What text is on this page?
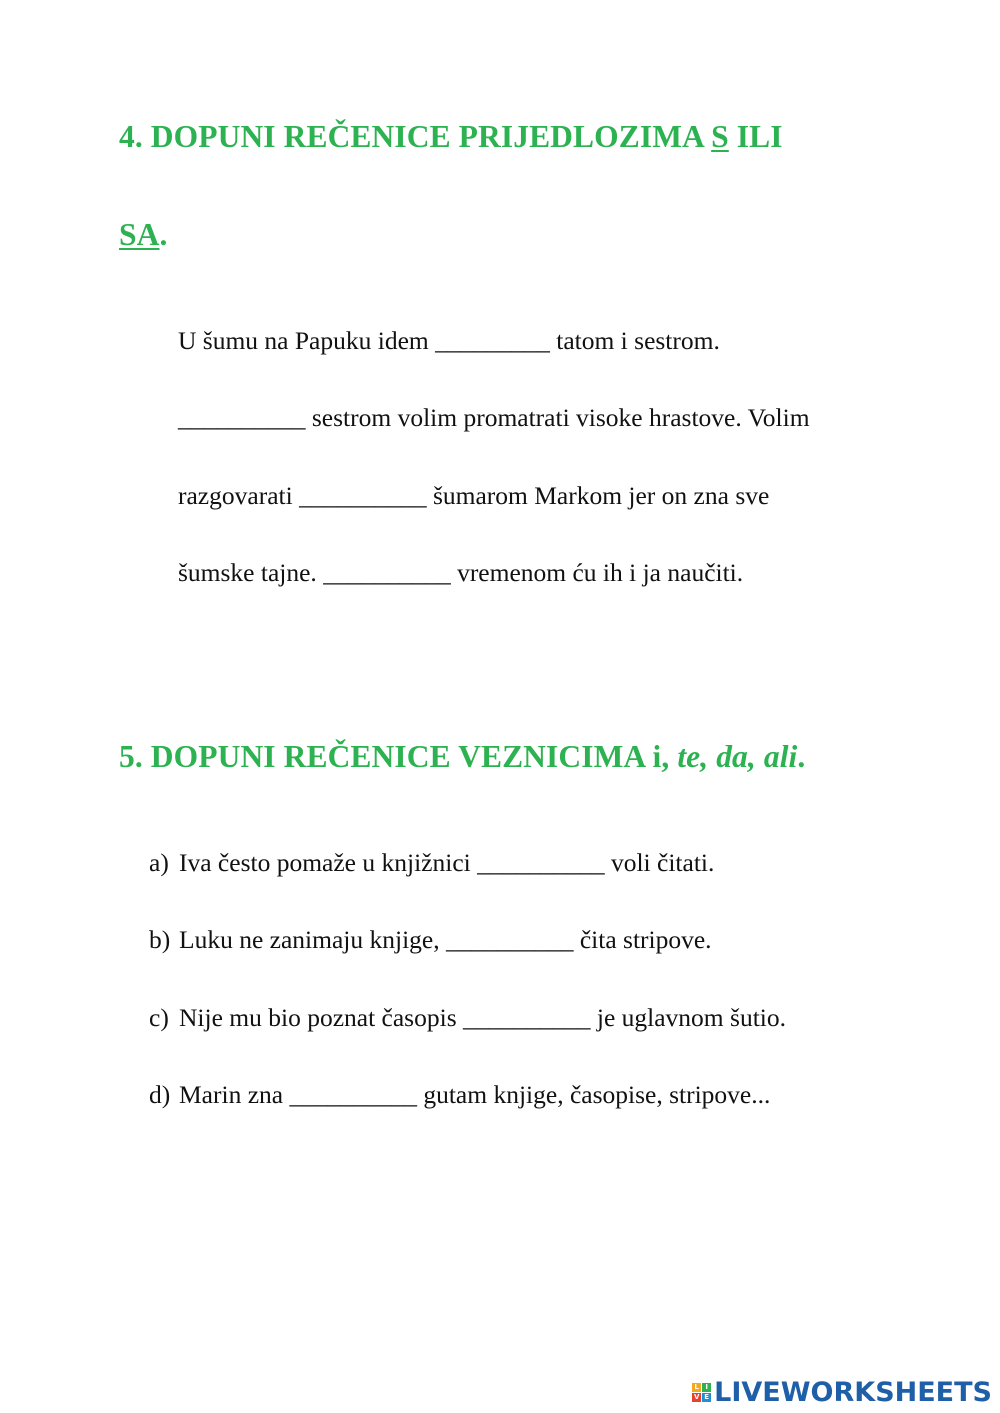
4. DOPUNI REČENICE PRIJEDLOZIMA S ILI
SA.
U šumu na Papuku idem _________ tatom i sestrom.
__________ sestrom volim promatrati visoke hrastove. Volim
razgovarati __________ šumarom Markom jer on zna sve
šumske tajne. __________ vremenom ću ih i ja naučiti.
5. DOPUNI REČENICE VEZNICIMA i, te, da, ali.
a) Iva često pomaže u knjižnici __________ voli čitati.
b) Luku ne zanimaju knjige, __________ čita stripove.
c) Nije mu bio poznat časopis __________ je uglavnom šutio.
d) Marin zna __________ gutam knjige, časopise, stripove...
L I
V E LIVEWORKSHEETS
